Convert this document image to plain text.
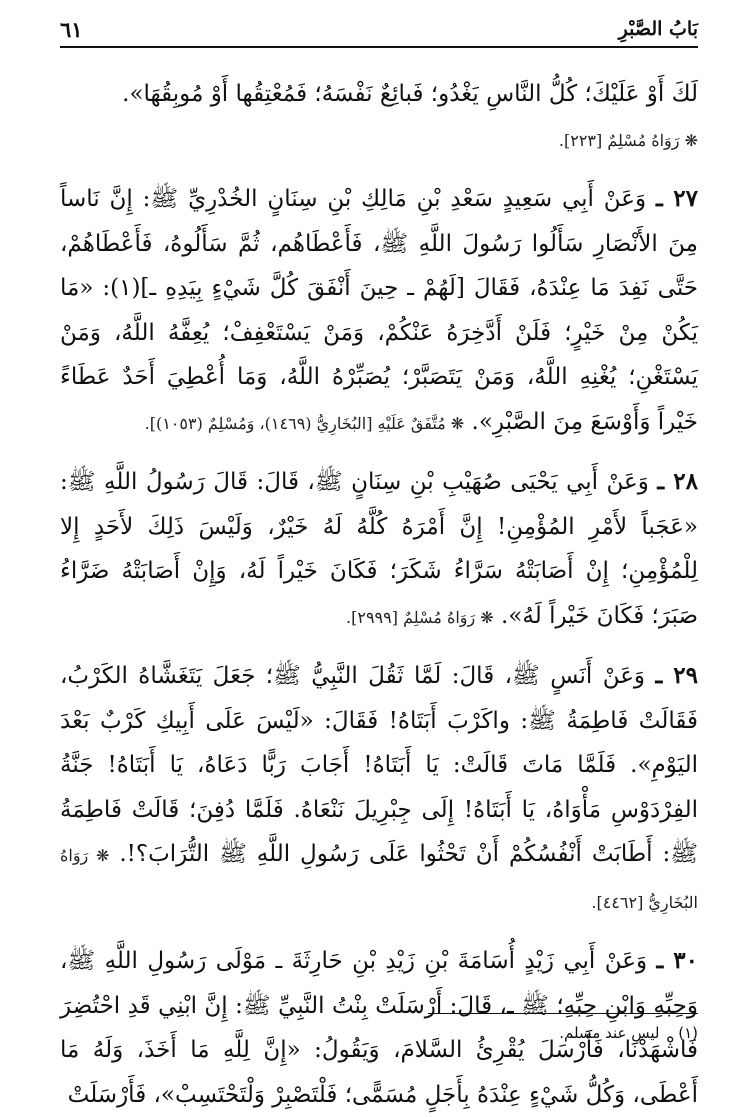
بَابُ الصَّبْرِ
٦١

لَكَ أَوْ عَلَيْكَ؛ كُلُّ النَّاسِ يَغْدُو؛ فَبائِعٌ نَفْسَهُ؛ فَمُعْتِقُها أَوْ مُوبِقُهَا».
❋ رَوَاهُ مُسْلِمٌ [٢٢٣].

٢٧ ـ وَعَنْ أَبِي سَعِيدٍ سَعْدِ بْنِ مَالِكِ بْنِ سِنَانٍ الخُدْرِيِّ ﷺ: إِنَّ نَاساً مِنَ الأَنْصَارِ سَأَلُوا رَسُولَ اللَّهِ ﷺ، فَأَعْطَاهُم، ثُمَّ سَأَلُوهُ، فَأَعْطَاهُمْ، حَتَّى نَفِدَ مَا عِنْدَهُ، فَقَالَ [لَهُمْ ـ حِينَ أَنْفَقَ كُلَّ شَيْءٍ بِيَدِهِ ـ](١): «مَا يَكُنْ مِنْ خَيْرٍ؛ فَلَنْ أَدَّخِرَهُ عَنْكُمْ، وَمَنْ يَسْتَعْفِفْ؛ يُعِفَّهُ اللَّهُ، وَمَنْ يَسْتَغْنِ؛ يُغْنِهِ اللَّهُ، وَمَنْ يَتَصَبَّرْ؛ يُصَبِّرْهُ اللَّهُ، وَمَا أُعْطِيَ أَحَدٌ عَطَاءً خَيْراً وَأَوْسَعَ مِنَ الصَّبْرِ». ❋ مُتَّفَقٌ عَلَيْهِ [البُخَارِيُّ (١٤٦٩)، وَمُسْلِمٌ (١٠٥٣)].

٢٨ ـ وَعَنْ أَبِي يَحْيَى صُهَيْبِ بْنِ سِنَانٍ ﷺ، قَالَ: قَالَ رَسُولُ اللَّهِ ﷺ: «عَجَباً لأَمْرِ المُؤْمِنِ! إِنَّ أَمْرَهُ كُلَّهُ لَهُ خَيْرٌ، وَلَيْسَ ذَلِكَ لأَحَدٍ إِلا لِلْمُؤْمِنِ؛ إِنْ أَصَابَتْهُ سَرَّاءُ شَكَرَ؛ فَكَانَ خَيْراً لَهُ، وَإِنْ أَصَابَتْهُ ضَرَّاءُ صَبَرَ؛ فَكَانَ خَيْراً لَهُ». ❋ رَوَاهُ مُسْلِمٌ [٢٩٩٩].

٢٩ ـ وَعَنْ أَنَسٍ ﷺ، قَالَ: لَمَّا ثَقُلَ النَّبِيُّ ﷺ؛ جَعَلَ يَتَغَشَّاهُ الكَرْبُ، فَقَالَتْ فَاطِمَةُ ﷺ: واكَرْبَ أَبَتَاهُ! فَقَالَ: «لَيْسَ عَلَى أَبِيكِ كَرْبٌ بَعْدَ اليَوْمِ». فَلَمَّا مَاتَ قَالَتْ: يَا أَبَتَاهُ! أَجَابَ رَبًّا دَعَاهُ، يَا أَبَتَاهُ! جَنَّةُ الفِرْدَوْسِ مَأْوَاهُ، يَا أَبَتَاهُ! إِلَى جِبْرِيلَ نَنْعَاهُ. فَلَمَّا دُفِنَ؛ قَالَتْ فَاطِمَةُ ﷺ: أَطَابَتْ أَنْفُسُكُمْ أَنْ تَحْثُوا عَلَى رَسُولِ اللَّهِ ﷺ التُّرَابَ؟!. ❋ رَوَاهُ البُخَارِيُّ [٤٤٦٢].

٣٠ ـ وَعَنْ أَبِي زَيْدٍ أُسَامَةَ بْنِ زَيْدِ بْنِ حَارِثَةَ ـ مَوْلَى رَسُولِ اللَّهِ ﷺ، وَحِبِّهِ وَابْنِ حِبِّهِ؛ ﷺ ـ، قَالَ: أَرْسَلَتْ بِنْتُ النَّبِيِّ ﷺ: إِنَّ ابْنِي قَدِ احْتُضِرَ فَاشْهَدْنَا، فَأَرْسَلَ يُقْرِئُ السَّلامَ، وَيَقُولُ: «إِنَّ لِلَّهِ مَا أَخَذَ، وَلَهُ مَا أَعْطَى، وَكُلُّ شَيْءٍ عِنْدَهُ بِأَجَلٍ مُسَمًّى؛ فَلْتَصْبِرْ وَلْتَحْتَسِبْ»، فَأَرْسَلَتْ

(١) ليس عند مسلم.
